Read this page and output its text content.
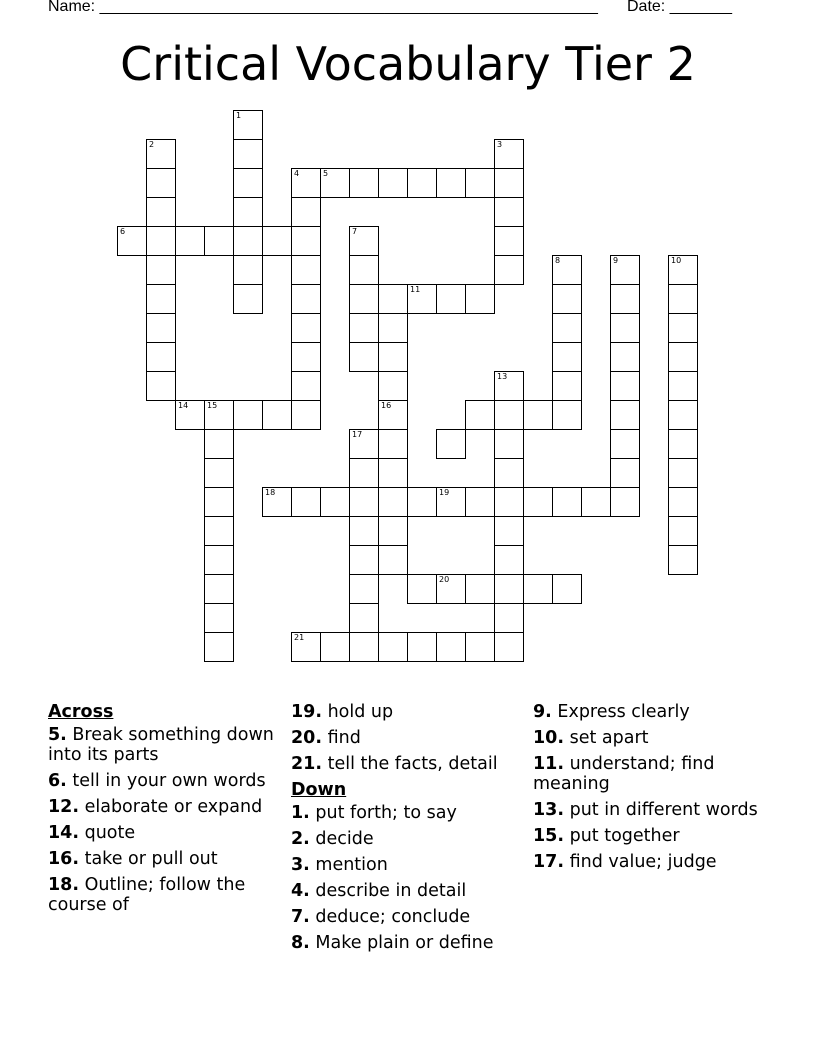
Name: ________________________________________________________ Date: _______
Critical Vocabulary Tier 2
1
2	3
4	5
6	7
8	9	10
16
11
13
14 15
17
18	19
20
21
Across
5. Break something down into its parts
6. tell in your own words
12. elaborate or expand
14. quote
16. take or pull out
18. Outline; follow the course of
19. hold up
20. find
21. tell the facts, detail
Down
1. put forth; to say
2. decide
3. mention
4. describe in detail
7. deduce; conclude
8. Make plain or define
9. Express clearly
10. set apart
11. understand; find meaning
13. put in different words
15. put together
17. find value; judge
